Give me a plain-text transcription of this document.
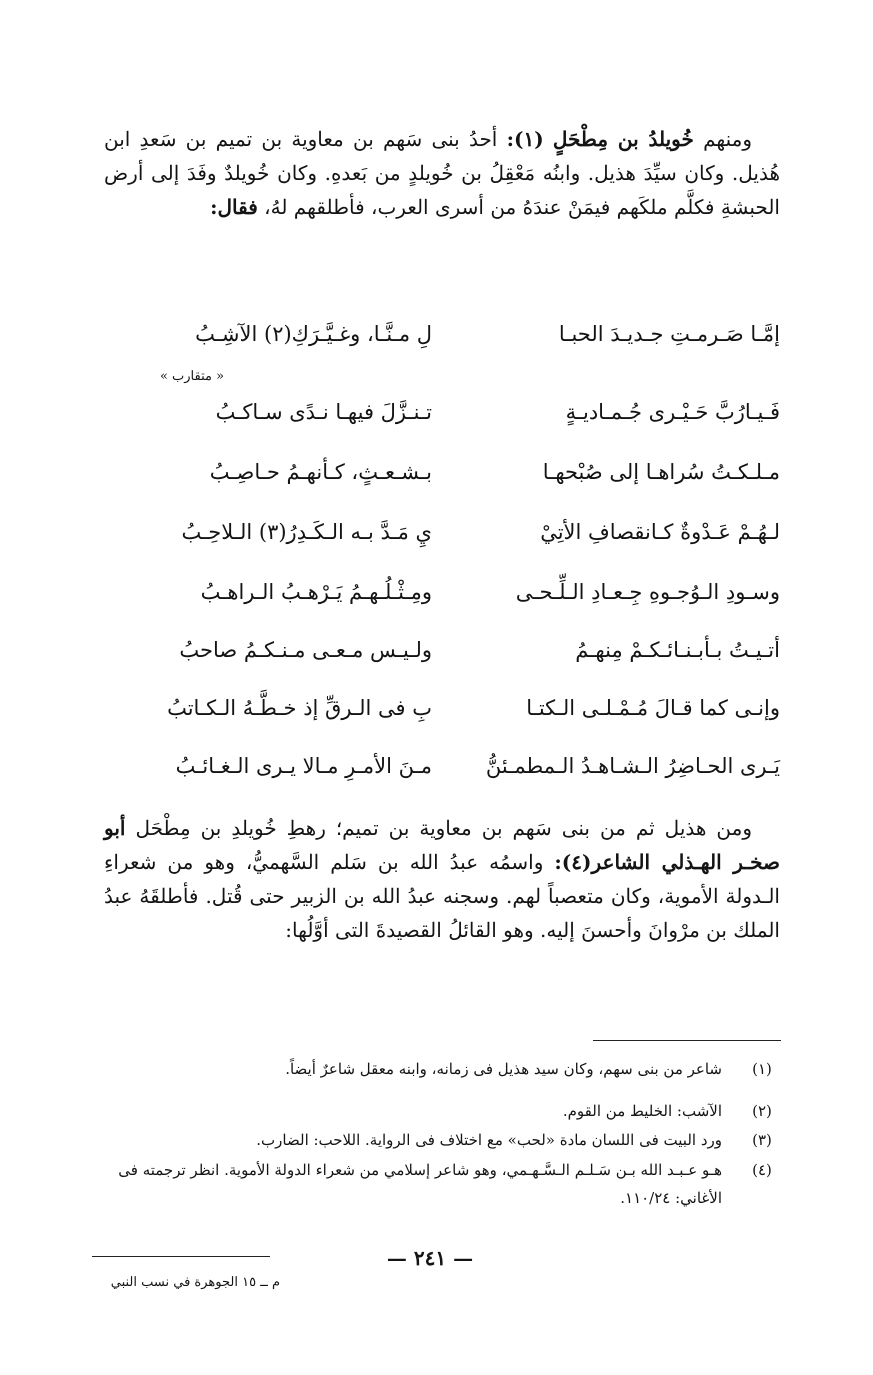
ومنهم خُويلدُ بن مِطْحَلٍ (١): أحدُ بنى سَهم بن معاوية بن تميم بن سَعدِ ابن هُذيل. وكان سيِّدَ هذيل. وابنُه مَعْقِلُ بن خُويلدٍ من بَعدهِ. وكان خُويلدٌ وفَدَ إلى أرض الحبشةِ فكلَّم ملكَهم فيمَنْ عندَهُ من أسرى العرب، فأطلقهم لهُ، فقال:

إمَّـا صَـرمـتِ جـديـدَ الحبـا
لِ مـنَّـا، وغـيَّـرَكِ(٢) الآشِـبُ
« متقارب »
فَـيـارُبَّ حَـيْـرى جُـمـاديـةٍ
تـنـزَّلَ فيهـا نـدًى سـاكـبُ
مـلـكـتُ سُراهـا إلى صُبْحهـا
بـشـعـثٍ، كـأنهـمُ حـاصِـبُ
لـهُـمْ عَـدْوةٌ كـانقصافِ الأتِيْ
يِ مَـدَّ بـه الـكَـدِرُ(٣) الـلاحِـبُ
وسـودِ الـوُجـوهِ جِـعـادِ الـلِّـحـى
ومِـثْـلُـهـمُ يَـرْهـبُ الـراهـبُ
أتـيـتُ بـأبـنـائـكـمْ مِنهـمُ
ولـيـس مـعـى مـنـكـمُ صاحبُ
وإنـى كما قـالَ مُـمْـلـى الـكتـا
بِ فى الـرقِّ إذ خـطَّـهُ الـكـاتبُ
يَـرى الحـاضِرُ الـشـاهـدُ الـمطمـئنُّ
مـنَ الأمـرِ مـالا يـرى الـغـائـبُ

ومن هذيل ثم من بنى سَهم بن معاوية بن تميم؛ رهطِ خُويلدِ بن مِطْحَل أبو صخـر الهـذلي الشاعر(٤): واسمُه عبدُ الله بن سَلم السَّهميُّ، وهو من شعراءِ الـدولة الأموية، وكان متعصباً لهم. وسجنه عبدُ الله بن الزبير حتى قُتل. فأطلقَهُ عبدُ الملك بن مرْوانَ وأحسنَ إليه. وهو القائلُ القصيدةَ التى أوَّلُها:

(١)
شاعر من بنى سهم، وكان سيد هذيل فى زمانه، وابنه معقل شاعرٌ أيضاً.
(٢)
الآشب: الخليط من القوم.
(٣)
ورد البيت فى اللسان مادة «لحب» مع اختلاف فى الرواية. اللاحب: الضارب.
(٤)
هـو عـبـد الله بـن سَـلـم الـسَّـهـمي، وهو شاعر إسلامي من شعراء الدولة الأموية. انظر ترجمته فى الأغاني: ١١٠/٢٤.
— ٢٤١ —
م ــ ١٥ الجوهرة في نسب النبي
